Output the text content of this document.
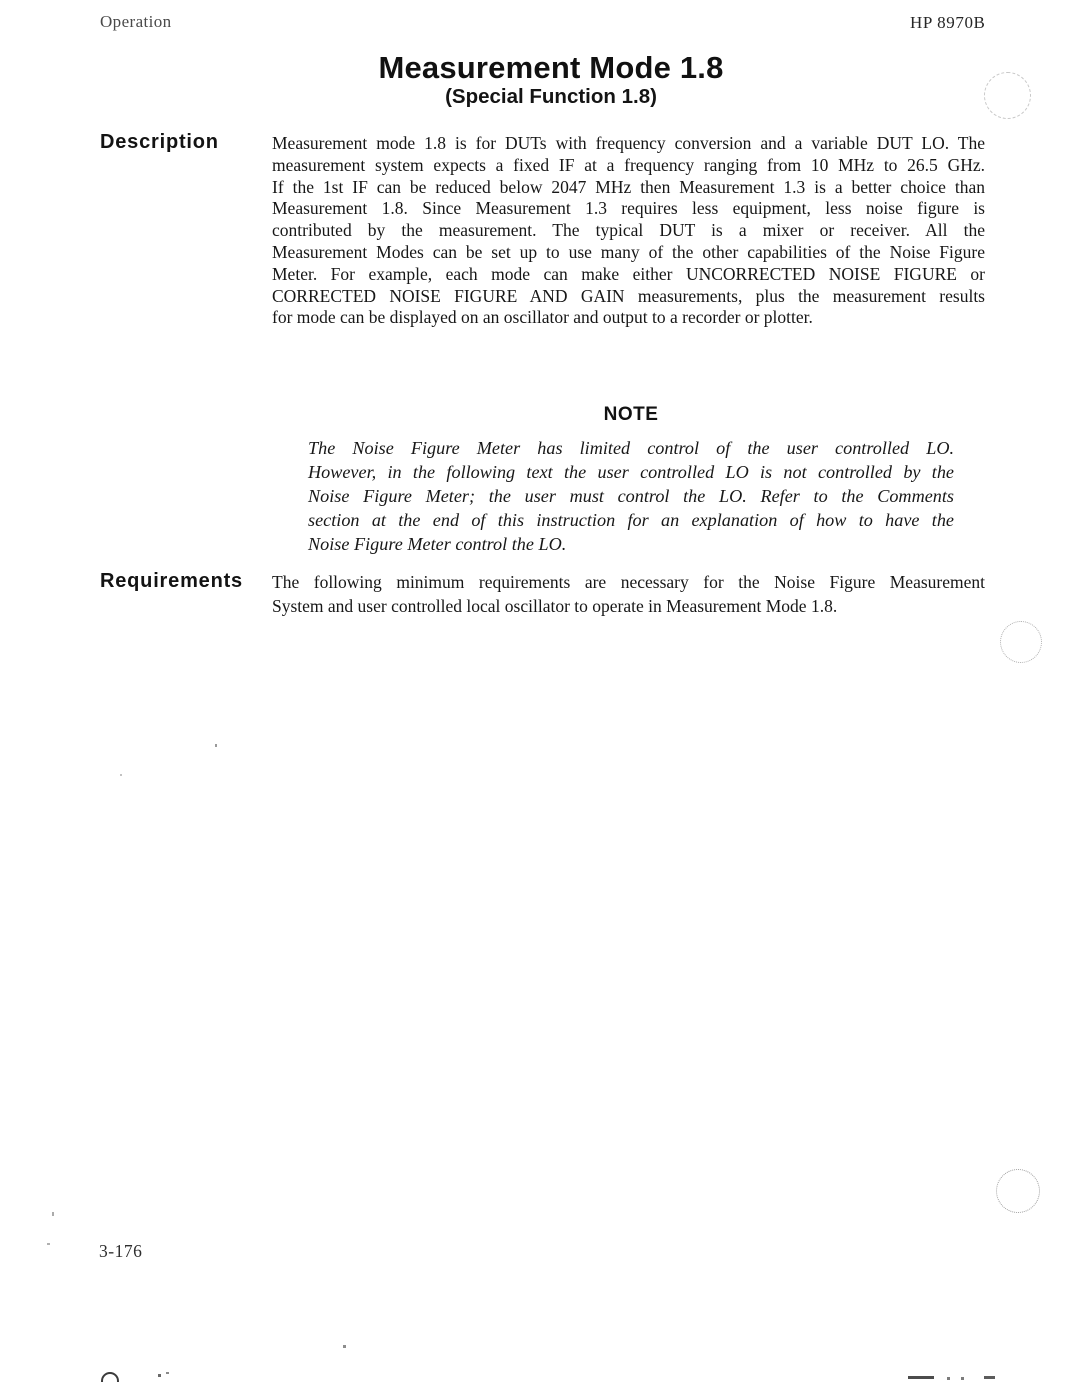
Operation	HP 8970B
Measurement Mode 1.8
(Special Function 1.8)
Description	Measurement mode 1.8 is for DUTs with frequency conversion and a variable DUT LO. The
measurement system expects a fixed IF at a frequency ranging from 10 MHz to 26.5 GHz.
If the 1st IF can be reduced below 2047 MHz then Measurement 1.3 is a better choice than
Measurement 1.8. Since Measurement 1.3 requires less equipment, less noise figure is
contributed by the measurement. The typical DUT is a mixer or receiver. All the
Measurement Modes can be set up to use many of the other capabilities of the Noise Figure
Meter. For example, each mode can make either UNCORRECTED NOISE FIGURE or
CORRECTED NOISE FIGURE AND GAIN measurements, plus the measurement results
for mode can be displayed on an oscillator and output to a recorder or plotter.
NOTE
The Noise Figure Meter has limited control of the user controlled LO.
However, in the following text the user controlled LO is not controlled by the
Noise Figure Meter; the user must control the LO. Refer to the Comments
section at the end of this instruction for an explanation of how to have the
Noise Figure Meter control the LO.
Requirements The following minimum requirements are necessary for the Noise Figure Measurement
System and user controlled local oscillator to operate in Measurement Mode 1.8.
3-176
